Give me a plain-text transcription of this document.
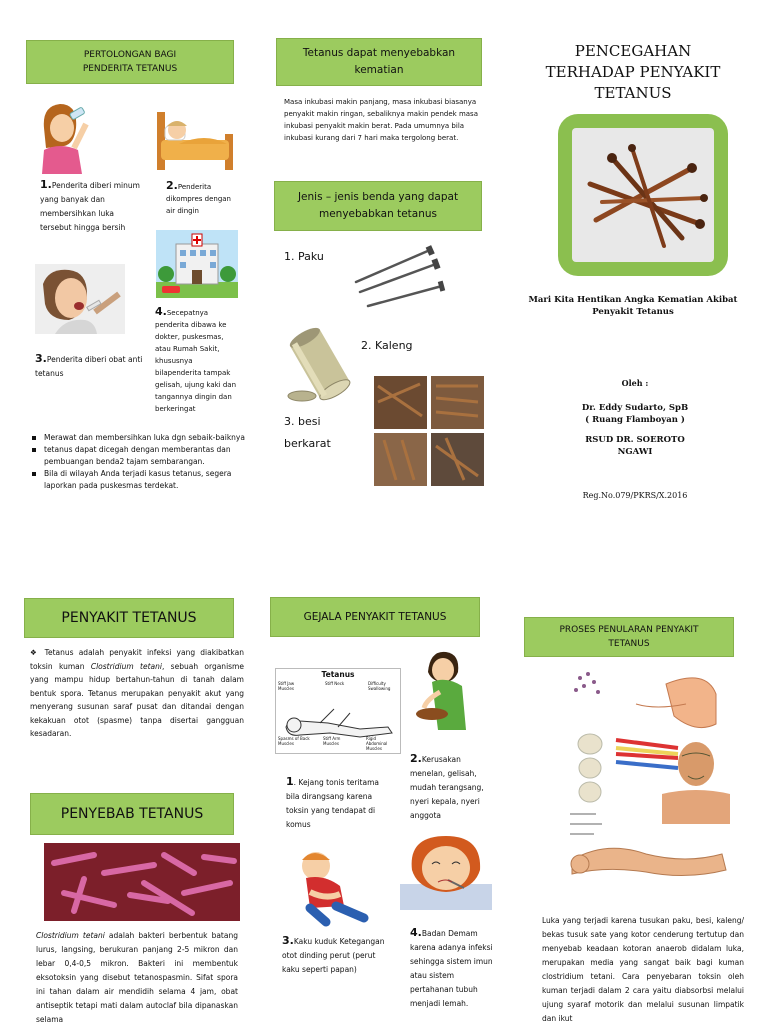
PERTOLONGAN BAGI
PENDERITA TETANUS
1.Penderita diberi minum yang banyak dan membersihkan luka tersebut hingga bersih
2.Penderita dikompres dengan air dingin
4.Secepatnya penderita dibawa ke dokter, puskesmas, atau Rumah Sakit, khususnya bilapenderita tampak gelisah, ujung kaki dan tangannya dingin dan berkeringat
3.Penderita diberi obat anti tetanus
Merawat dan membersihkan luka dgn sebaik-baiknya
tetanus dapat dicegah dengan memberantas dan pembuangan benda2 tajam sembarangan.
Bila di wilayah Anda terjadi kasus tetanus, segera laporkan pada puskesmas terdekat.
Tetanus dapat menyebabkan
kematian
Masa inkubasi makin panjang, masa inkubasi biasanya penyakit makin ringan, sebaliknya makin pendek masa inkubasi penyakit makin berat. Pada umumnya bila inkubasi kurang dari 7 hari maka tergolong berat.
Jenis – jenis benda yang dapat
menyebabkan tetanus
1. Paku
2. Kaleng
3. besi
berkarat
PENCEGAHAN
TERHADAP PENYAKIT
TETANUS
Mari Kita Hentikan Angka Kematian Akibat Penyakit Tetanus
Oleh :
Dr. Eddy Sudarto, SpB
( Ruang Flamboyan )
RSUD DR. SOEROTO
NGAWI
Reg.No.079/PKRS/X.2016
PENYAKIT TETANUS
❖ Tetanus adalah penyakit infeksi yang diakibatkan toksin kuman Clostridium tetani, sebuah organisme yang mampu hidup bertahun-tahun di tanah dalam bentuk spora. Tetanus merupakan penyakit akut yang menyerang susunan saraf pusat dan ditandai dengan kekakuan otot (spasme) tanpa disertai gangguan kesadaran.
PENYEBAB TETANUS
Clostridium tetani adalah bakteri berbentuk batang lurus, langsing, berukuran panjang 2-5 mikron dan lebar 0,4-0,5 mikron. Bakteri ini membentuk eksotoksin yang disebut tetanospasmin. Sifat spora ini tahan dalam air mendidih selama 4 jam, obat antiseptik tetapi mati dalam autoclaf bila dipanaskan selama
GEJALA PENYAKIT TETANUS
Tetanus
Stiff Jaw Muscles
Stiff Neck	Difficulty Swallowing
Spasms of Back Muscles
Stiff Arm Muscles
Rigid Abdominal Muscles
1. Kejang tonis teritama bila dirangsang karena toksin yang tendapat di komus
2.Kerusakan menelan, gelisah, mudah terangsang, nyeri kepala, nyeri anggota
3.Kaku kuduk Ketegangan otot dinding perut (perut kaku seperti papan)
4.Badan Demam karena adanya infeksi sehingga sistem imun atau sistem pertahanan tubuh menjadi lemah.
PROSES PENULARAN PENYAKIT
TETANUS
Luka yang terjadi karena tusukan paku, besi, kaleng/ bekas tusuk sate yang kotor cenderung tertutup dan menyebab keadaan kotoran anaerob didalam luka, merupakan media yang sangat baik bagi kuman clostridium tetani. Cara penyebaran toksin oleh kuman terjadi dalam 2 cara yaitu diabsorbsi melalui ujung syaraf motorik dan melalui susunan limpatik dan ikut
